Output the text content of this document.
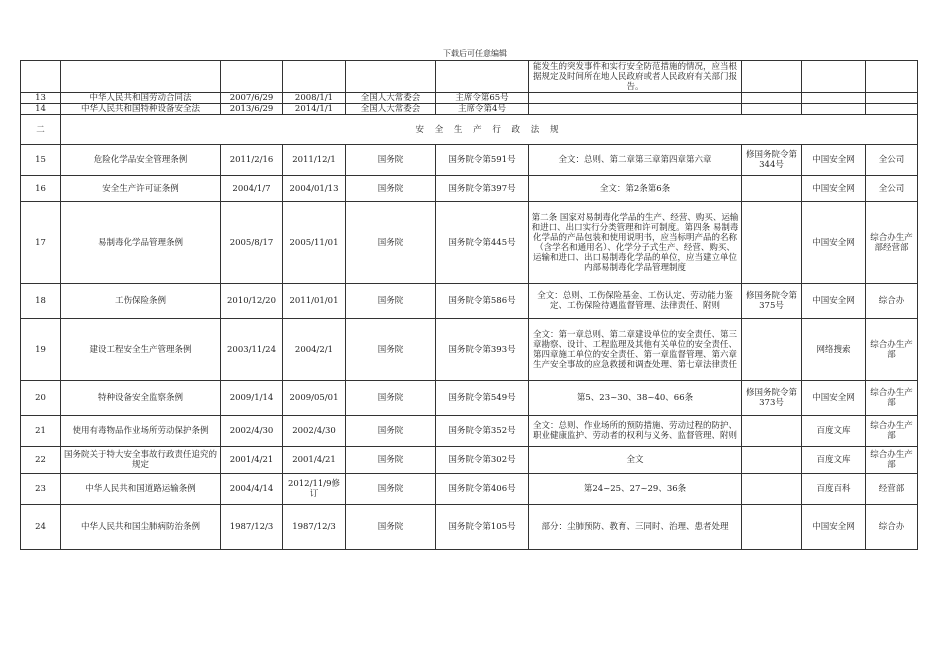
下载后可任意编辑
						能发生的突发事件和实行安全防范措施的情况，应当根据规定及时间所在地人民政府或者人民政府有关部门报告。			
13	中华人民共和国劳动合同法	2007/6/29	2008/1/1	全国人大常委会	主席令第65号				
14	中华人民共和国特种设备安全法	2013/6/29	2014/1/1	全国人大常委会	主席令第4号				
二	安 全 生 产 行 政 法 规								
15	危险化学品安全管理条例	2011/2/16	2011/12/1	国务院	国务院令第591号	全文：总则、第二章第三章第四章第六章	修国务院令第344号	中国安全网	全公司
16	安全生产许可证条例	2004/1/7	2004/01/13	国务院	国务院令第397号	全文：第2条第6条		中国安全网	全公司
17	易制毒化学品管理条例	2005/8/17	2005/11/01	国务院	国务院令第445号	第二条 国家对易制毒化学品的生产、经营、购买、运输和进口、出口实行分类管理和许可制度。第四条 易制毒化学品的产品包装和使用说明书，应当标明产品的名称（含学名和通用名）、化学分子式生产、经营、购买、运输和进口、出口易制毒化学品的单位，应当建立单位内部易制毒化学品管理制度		中国安全网	综合办生产部经营部
18	工伤保险条例	2010/12/20	2011/01/01	国务院	国务院令第586号	全文：总则、工伤保险基金、工伤认定、劳动能力鉴定、工伤保险待遇监督管理、法律责任、附则	修国务院令第375号	中国安全网	综合办
19	建设工程安全生产管理条例	2003/11/24	2004/2/1	国务院	国务院令第393号	全文：第一章总则、第二章建设单位的安全责任、第三章勘察、设计、工程监理及其他有关单位的安全责任、第四章施工单位的安全责任、第一章监督管理、第六章生产安全事故的应急救援和调查处理、第七章法律责任		网络搜索	综合办生产部
20	特种设备安全监察条例	2009/1/14	2009/05/01	国务院	国务院令第549号	第5、23~30、38~40、66条	修国务院令第373号	中国安全网	综合办生产部
21	使用有毒物品作业场所劳动保护条例	2002/4/30	2002/4/30	国务院	国务院令第352号	全文：总则、作业场所的预防措施、劳动过程的防护、职业健康监护、劳动者的权利与义务、监督管理、附则		百度文库	综合办生产部
22	国务院关于特大安全事故行政责任追究的规定	2001/4/21	2001/4/21	国务院	国务院令第302号	全文		百度文库	综合办生产部
23	中华人民共和国道路运输条例	2004/4/14	2012/11/9修订	国务院	国务院令第406号	第24~25、27~29、36条		百度百科	经营部
24	中华人民共和国尘肺病防治条例	1987/12/3	1987/12/3	国务院	国务院令第105号	部分：尘肺预防、教育、三同时、治理、患者处理		中国安全网	综合办
